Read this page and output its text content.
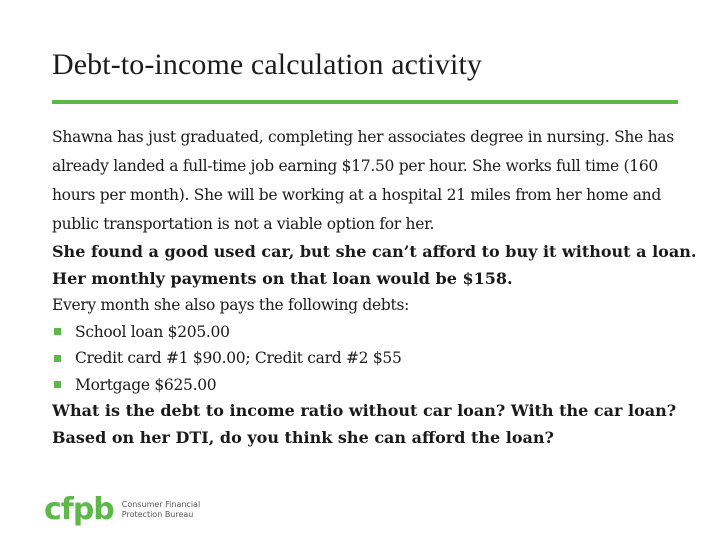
Debt-to-income calculation activity

Shawna has just graduated, completing her associates degree in nursing. She has
already landed a full-time job earning $17.50 per hour. She works full time (160
hours per month). She will be working at a hospital 21 miles from her home and
public transportation is not a viable option for her.

She found a good used car, but she can’t afford to buy it without a loan.
Her monthly payments on that loan would be $158.

Every month she also pays the following debts:

School loan $205.00
Credit card #1 $90.00; Credit card #2 $55
Mortgage $625.00

What is the debt to income ratio without car loan? With the car loan?
Based on her DTI, do you think she can afford the loan?

cfpb Consumer Financial
Protection Bureau
